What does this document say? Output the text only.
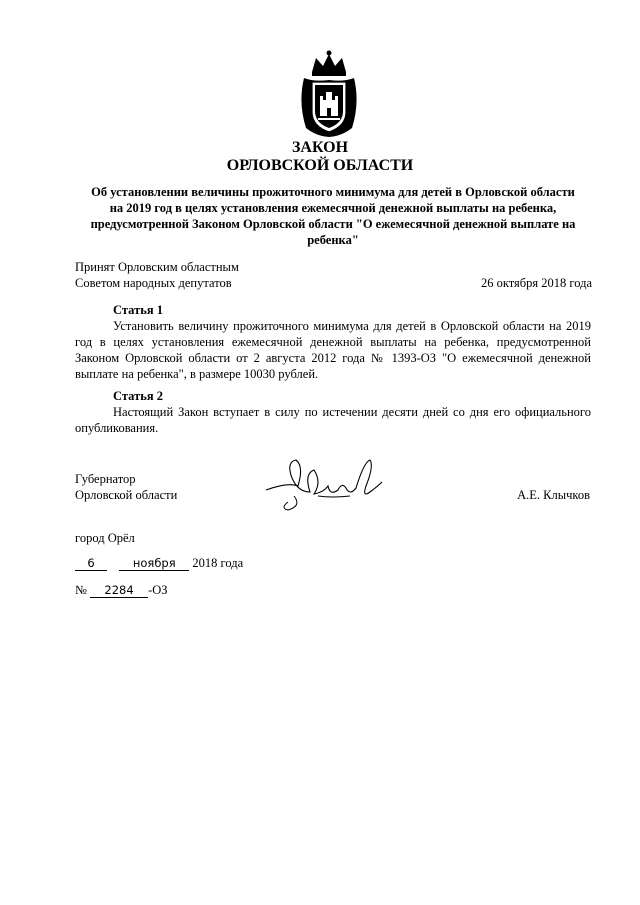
ЗАКОН
ОРЛОВСКОЙ ОБЛАСТИ
Об установлении величины прожиточного минимума для детей в Орловской области
на 2019 год в целях установления ежемесячной денежной выплаты на ребенка,
предусмотренной Законом Орловской области "О ежемесячной денежной выплате на
ребенка"
Принят Орловским областным
Советом народных депутатов	26 октября 2018 года
Статья 1
Установить величину прожиточного минимума для детей в Орловской области на 2019 год в целях установления ежемесячной денежной выплаты на ребенка, предусмотренной Законом Орловской области от 2 августа 2012 года № 1393-ОЗ "О ежемесячной денежной выплате на ребенка", в размере 10030 рублей.
Статья 2
Настоящий Закон вступает в силу по истечении десяти дней со дня его официального опубликования.
Губернатор
Орловской области	А.Е. Клычков
город Орёл
6	ноября 2018 года
№ 2284 -ОЗ
